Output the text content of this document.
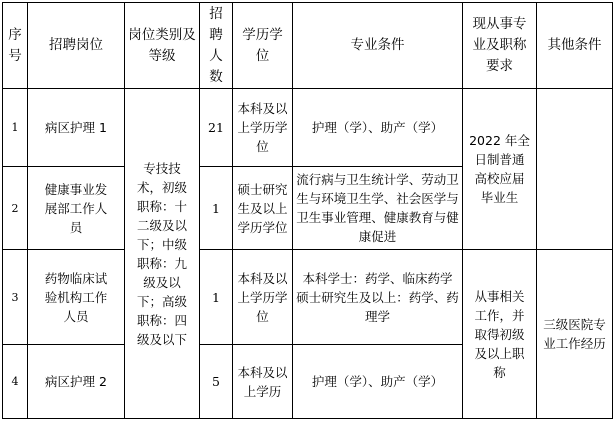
序号	招聘岗位	岗位类别及等级	招聘人数	学历学位	专业条件	现从事专业及职称要求	其他条件
1	病区护理 1	专技技术，初级职称：十二级及以下；中级职称：九级及以下；高级职称：四级及以下	21	本科及以上学历学位	护理（学）、助产（学）	2022 年全日制普通高校应届毕业生	
2	健康事业发展部工作人员		1	硕士研究生及以上学历学位	流行病与卫生统计学、劳动卫生与环境卫生学、社会医学与卫生事业管理、健康教育与健康促进		
3	药物临床试验机构工作人员		1	本科及以上学历学位	本科学士：药学、临床药学 硕士研究生及以上：药学、药理学	从事相关工作，并取得初级及以上职称	三级医院专业工作经历
4	病区护理 2		5	本科及以上学历	护理（学）、助产（学）		
